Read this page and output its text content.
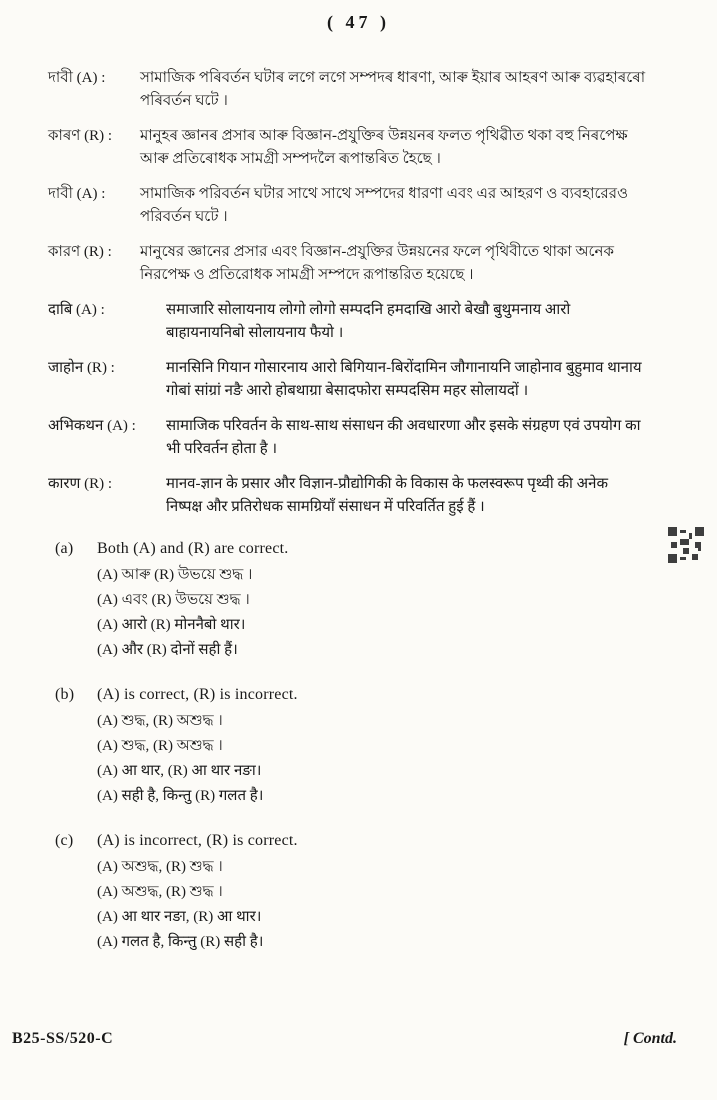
( 47 )
দাবী (A) :	সামাজিক পৰিবৰ্তন ঘটাৰ লগে লগে সম্পদৰ ধাৰণা, আৰু ইয়াৰ আহৰণ আৰু ব্যৱহাৰৰো পৰিবৰ্তন ঘটে ।
কাৰণ (R) :	মানুহৰ জ্ঞানৰ প্ৰসাৰ আৰু বিজ্ঞান-প্ৰযুক্তিৰ উন্নয়নৰ ফলত পৃথিৱীত থকা বহু নিৰপেক্ষ আৰু প্ৰতিৰোধক সামগ্ৰী সম্পদলৈ ৰূপান্তৰিত হৈছে ।
দাবী (A) :	সামাজিক পরিবর্তন ঘটার সাথে সাথে সম্পদের ধারণা এবং এর আহরণ ও ব্যবহারেরও পরিবর্তন ঘটে ।
কারণ (R) :	মানুষের জ্ঞানের প্রসার এবং বিজ্ঞান-প্রযুক্তির উন্নয়নের ফলে পৃথিবীতে থাকা অনেক নিরপেক্ষ ও প্রতিরোধক সামগ্রী সম্পদে রূপান্তরিত হয়েছে ।
दाबि (A) :	समाजारि सोलायनाय लोगो लोगो सम्पदनि हमदाखि आरो बेखौ बुथुमनाय आरो बाहायनायनिबो सोलायनाय फैयो ।
जाहोन (R) :	मानसिनि गियान गोसारनाय आरो बिगियान-बिरोंदामिन जौगानायनि जाहोनाव बुहुमाव थानाय गोबां सांग्रां नङै आरो होबथाग्रा बेसादफोरा सम्पदसिम महर सोलायदों ।
अभिकथन (A) :	सामाजिक परिवर्तन के साथ-साथ संसाधन की अवधारणा और इसके संग्रहण एवं उपयोग का भी परिवर्तन होता है ।
कारण (R) :	मानव-ज्ञान के प्रसार और विज्ञान-प्रौद्योगिकी के विकास के फलस्वरूप पृथ्वी की अनेक निष्पक्ष और प्रतिरोधक सामग्रियाँ संसाधन में परिवर्तित हुई हैं ।
(a)	Both (A) and (R) are correct.
(A) আৰু (R) উভয়ে শুদ্ধ ।
(A) এবং (R) উভয়ে শুদ্ধ ।
(A) आरो (R) मोननैबो थार।
(A) और (R) दोनों सही हैं।
(b)	(A) is correct, (R) is incorrect.
(A) শুদ্ধ, (R) অশুদ্ধ ।
(A) শুদ্ধ, (R) অশুদ্ধ ।
(A) आ थार, (R) आ थार नङा।
(A) सही है, किन्तु (R) गलत है।
(c)	(A) is incorrect, (R) is correct.
(A) অশুদ্ধ, (R) শুদ্ধ ।
(A) অশুদ্ধ, (R) শুদ্ধ ।
(A) आ थार नङा, (R) आ थार।
(A) गलत है, किन्तु (R) सही है।
B25-SS/520-C	[ Contd.
